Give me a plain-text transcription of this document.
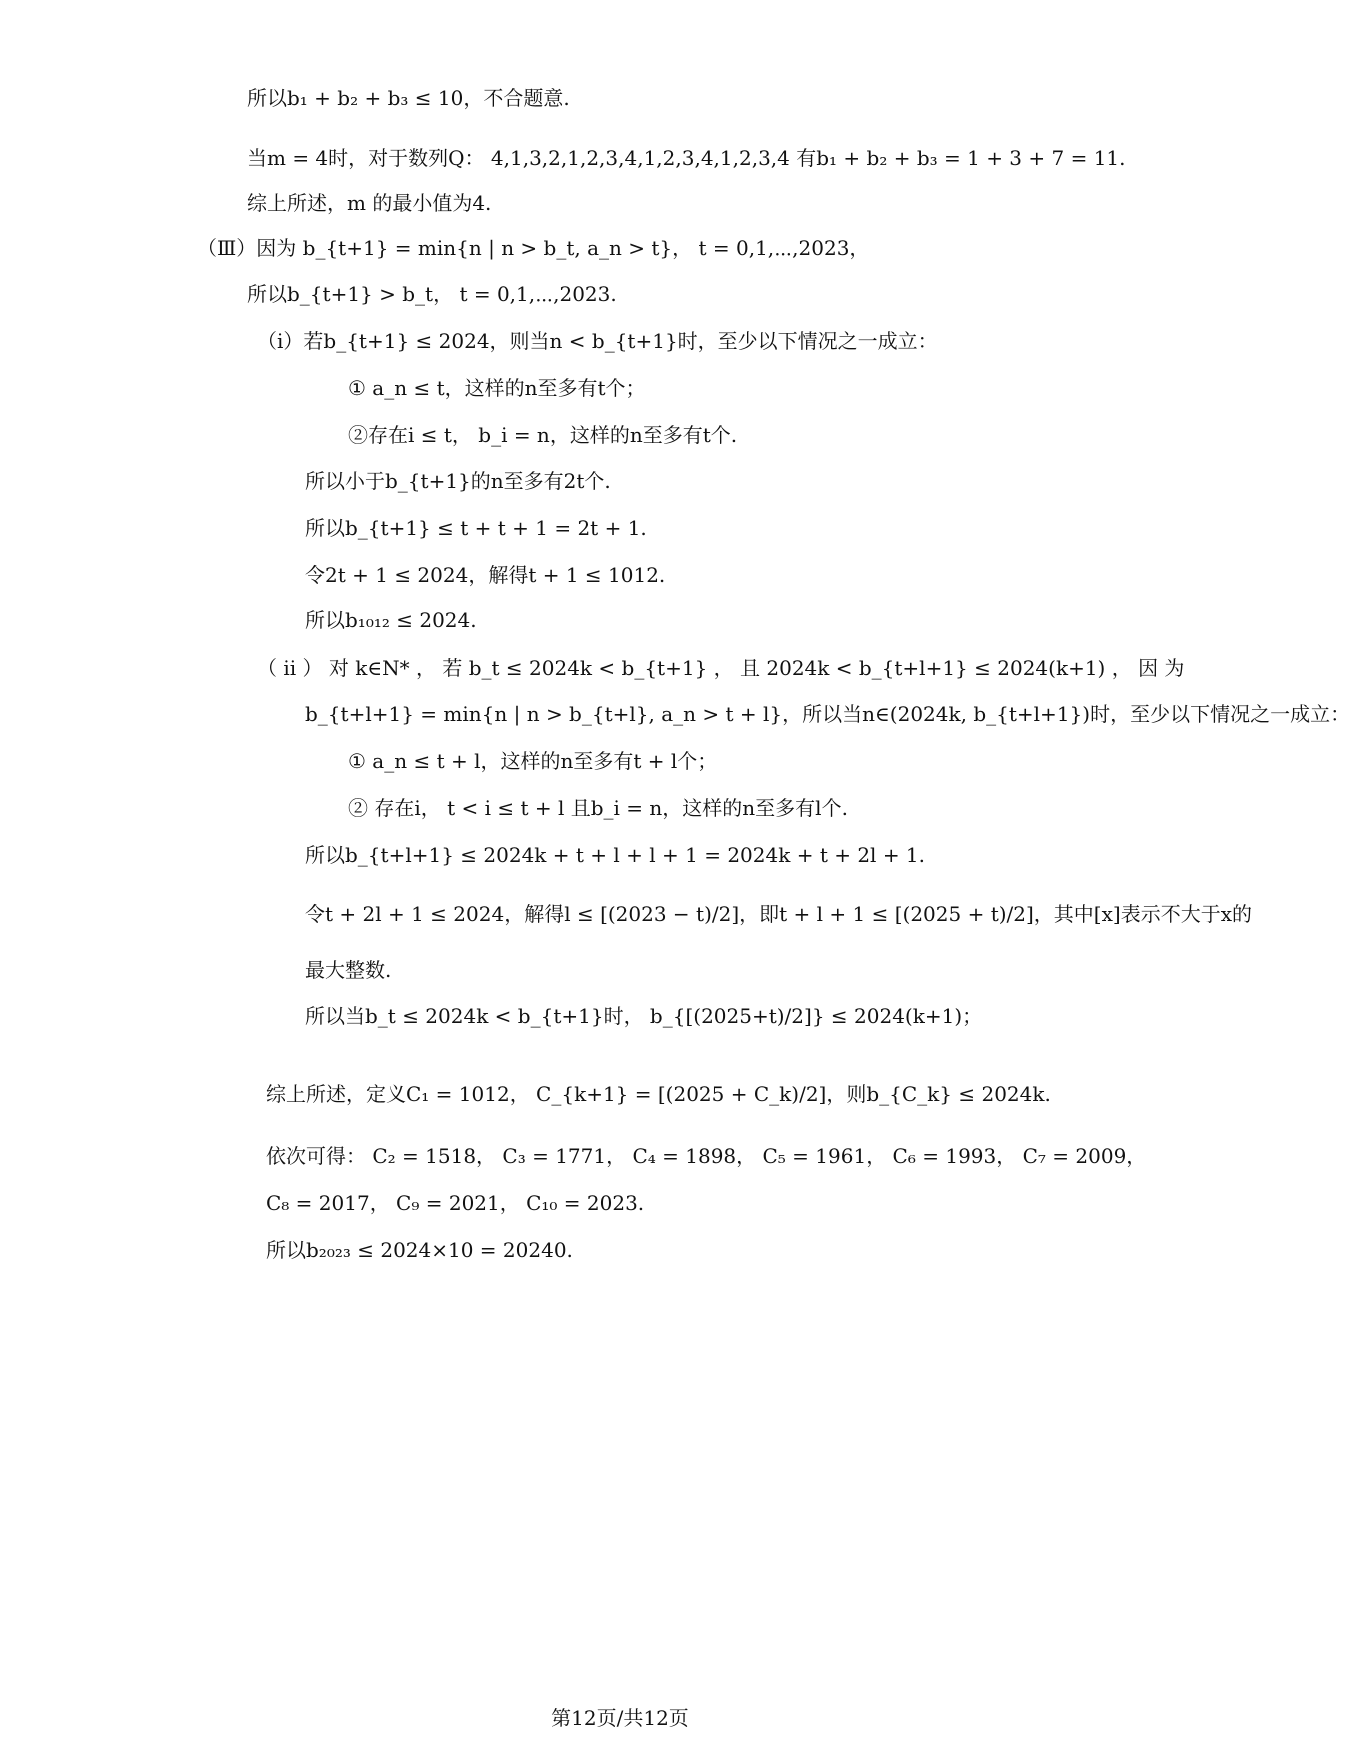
所以b₁ + b₂ + b₃ ≤ 10，不合题意.
当m = 4时，对于数列Q： 4,1,3,2,1,2,3,4,1,2,3,4,1,2,3,4 有b₁ + b₂ + b₃ = 1 + 3 + 7 = 11.
综上所述，m 的最小值为4.
（Ⅲ）因为 b_{t+1} = min{n | n > b_t, a_n > t}， t = 0,1,⋯,2023，
所以b_{t+1} > b_t， t = 0,1,⋯,2023.
（ⅰ）若b_{t+1} ≤ 2024，则当n < b_{t+1}时，至少以下情况之一成立：
① a_n ≤ t，这样的n至多有t个；
②存在i ≤ t， b_i = n，这样的n至多有t个.
所以小于b_{t+1}的n至多有2t个.
所以b_{t+1} ≤ t + t + 1 = 2t + 1.
令2t + 1 ≤ 2024，解得t + 1 ≤ 1012.
所以b₁₀₁₂ ≤ 2024.
（ ⅱ ） 对 k∈N* ， 若 b_t ≤ 2024k < b_{t+1} ， 且 2024k < b_{t+l+1} ≤ 2024(k+1) ， 因 为
b_{t+l+1} = min{n | n > b_{t+l}, a_n > t + l}，所以当n∈(2024k, b_{t+l+1})时，至少以下情况之一成立：
① a_n ≤ t + l，这样的n至多有t + l个；
② 存在i， t < i ≤ t + l 且b_i = n，这样的n至多有l个.
所以b_{t+l+1} ≤ 2024k + t + l + l + 1 = 2024k + t + 2l + 1.
令t + 2l + 1 ≤ 2024，解得l ≤ [(2023 − t)/2]，即t + l + 1 ≤ [(2025 + t)/2]，其中[x]表示不大于x的
最大整数.
所以当b_t ≤ 2024k < b_{t+1}时， b_{[(2025+t)/2]} ≤ 2024(k+1)；
综上所述，定义C₁ = 1012， C_{k+1} = [(2025 + C_k)/2]，则b_{C_k} ≤ 2024k.
依次可得： C₂ = 1518， C₃ = 1771， C₄ = 1898， C₅ = 1961， C₆ = 1993， C₇ = 2009，
C₈ = 2017， C₉ = 2021， C₁₀ = 2023.
所以b₂₀₂₃ ≤ 2024×10 = 20240.
第12页/共12页
